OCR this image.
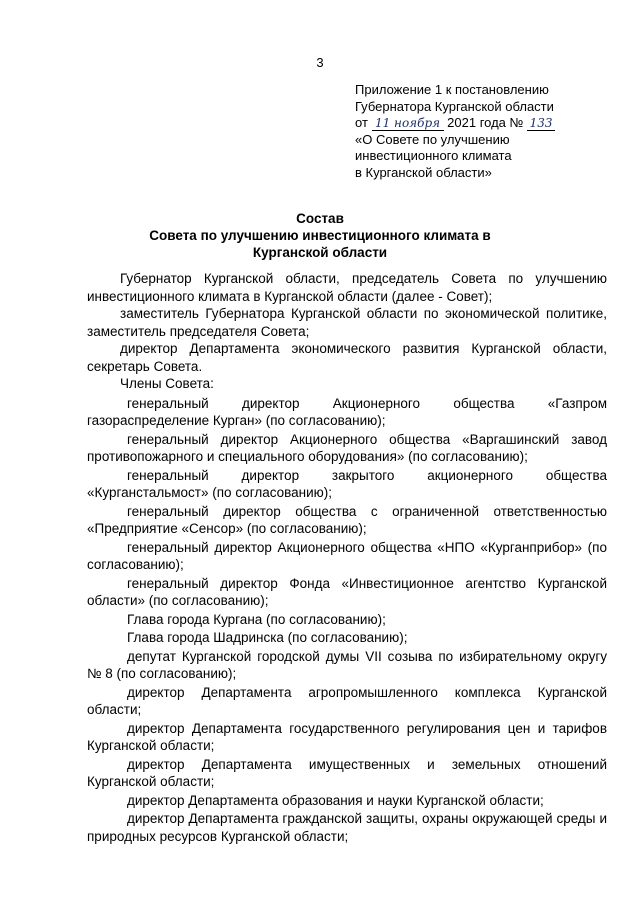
3
Приложение 1 к постановлению
Губернатора Курганской области
от 11 ноября 2021 года № 133
«О Совете по улучшению
инвестиционного климата
в Курганской области»
Состав
Совета по улучшению инвестиционного климата в
Курганской области
Губернатор Курганской области, председатель Совета по улучшению инвестиционного климата в Курганской области (далее - Совет);
заместитель Губернатора Курганской области по экономической политике, заместитель председателя Совета;
директор Департамента экономического развития Курганской области, секретарь Совета.
Члены Совета:
генеральный директор Акционерного общества «Газпром газораспределение Курган» (по согласованию);
генеральный директор Акционерного общества «Варгашинский завод противопожарного и специального оборудования» (по согласованию);
генеральный директор закрытого акционерного общества «Курганстальмост» (по согласованию);
генеральный директор общества с ограниченной ответственностью «Предприятие «Сенсор» (по согласованию);
генеральный директор Акционерного общества «НПО «Курганприбор» (по согласованию);
генеральный директор Фонда «Инвестиционное агентство Курганской области» (по согласованию);
Глава города Кургана (по согласованию);
Глава города Шадринска (по согласованию);
депутат Курганской городской думы VII созыва по избирательному округу № 8 (по согласованию);
директор Департамента агропромышленного комплекса Курганской области;
директор Департамента государственного регулирования цен и тарифов Курганской области;
директор Департамента имущественных и земельных отношений Курганской области;
директор Департамента образования и науки Курганской области;
директор Департамента гражданской защиты, охраны окружающей среды и природных ресурсов Курганской области;
